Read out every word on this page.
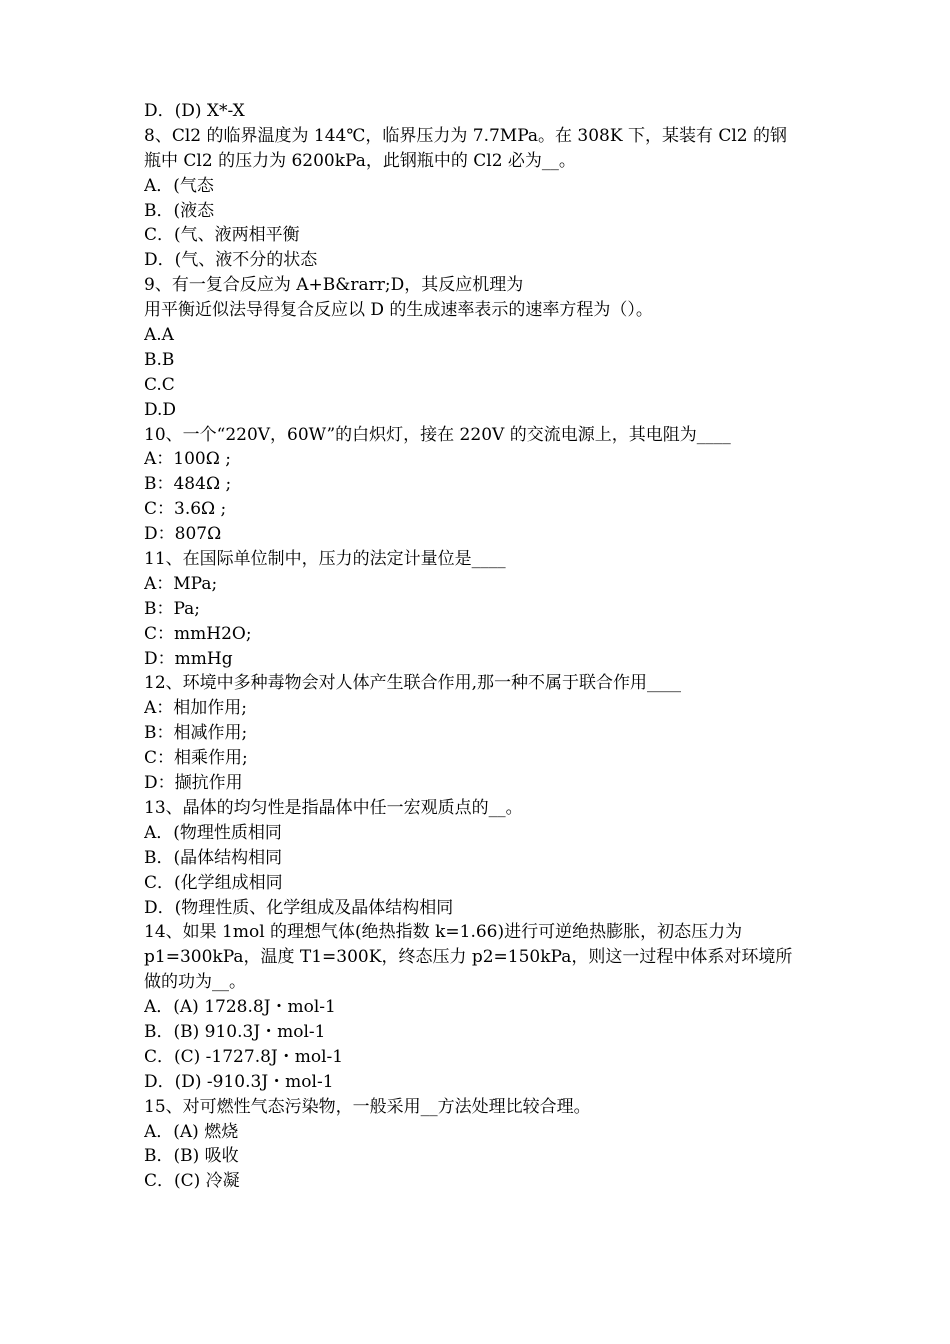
D．(D) X*-X
8、Cl2 的临界温度为 144℃，临界压力为 7.7MPa。在 308K 下，某装有 Cl2 的钢
瓶中 Cl2 的压力为 6200kPa，此钢瓶中的 Cl2 必为__。
A．(气态
B．(液态
C．(气、液两相平衡
D．(气、液不分的状态
9、有一复合反应为 A+B&rarr;D，其反应机理为
用平衡近似法导得复合反应以 D 的生成速率表示的速率方程为（）。
A.A
B.B
C.C
D.D
10、一个“220V，60W”的白炽灯，接在 220V 的交流电源上，其电阻为____
A：100Ω ;
B：484Ω ;
C：3.6Ω ;
D：807Ω
11、在国际单位制中，压力的法定计量位是____
A：MPa;
B：Pa;
C：mmH2O;
D：mmHg
12、环境中多种毒物会对人体产生联合作用,那一种不属于联合作用____
A：相加作用;
B：相减作用;
C：相乘作用;
D：撷抗作用
13、晶体的均匀性是指晶体中任一宏观质点的__。
A．(物理性质相同
B．(晶体结构相同
C．(化学组成相同
D．(物理性质、化学组成及晶体结构相同
14、如果 1mol 的理想气体(绝热指数 k=1.66)进行可逆绝热膨胀，初态压力为
p1=300kPa，温度 T1=300K，终态压力 p2=150kPa，则这一过程中体系对环境所
做的功为__。
A．(A) 1728.8J・mol-1
B．(B) 910.3J・mol-1
C．(C) -1727.8J・mol-1
D．(D) -910.3J・mol-1
15、对可燃性气态污染物，一般采用__方法处理比较合理。
A．(A) 燃烧
B．(B) 吸收
C．(C) 冷凝
